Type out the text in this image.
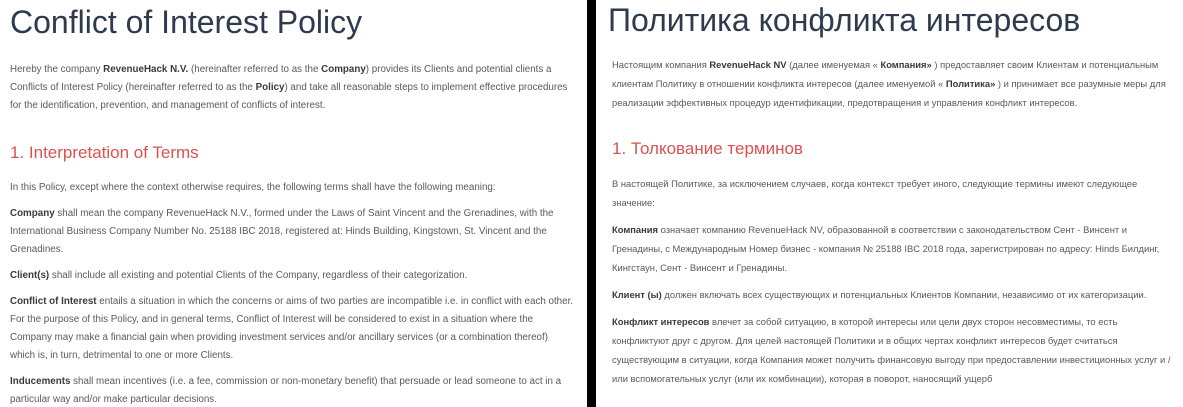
Conflict of Interest Policy

Hereby the company RevenueHack N.V. (hereinafter referred to as the Company) provides its Clients and potential clients a Conflicts of Interest Policy (hereinafter referred to as the Policy) and take all reasonable steps to implement effective procedures for the identification, prevention, and management of conflicts of interest.

1. Interpretation of Terms

In this Policy, except where the context otherwise requires, the following terms shall have the following meaning:

Company shall mean the company RevenueHack N.V., formed under the Laws of Saint Vincent and the Grenadines, with the International Business Company Number No. 25188 IBC 2018, registered at: Hinds Building, Kingstown, St. Vincent and the Grenadines.

Client(s) shall include all existing and potential Clients of the Company, regardless of their categorization.

Conflict of Interest entails a situation in which the concerns or aims of two parties are incompatible i.e. in conflict with each other. For the purpose of this Policy, and in general terms, Conflict of Interest will be considered to exist in a situation where the Company may make a financial gain when providing investment services and/or ancillary services (or a combination thereof) which is, in turn, detrimental to one or more Clients.

Inducements shall mean incentives (i.e. a fee, commission or non-monetary benefit) that persuade or lead someone to act in a particular way and/or make particular decisions.

Политика конфликта интересов

Настоящим компания RevenueHack NV (далее именуемая « Компания» ) предоставляет своим Клиентам и потенциальным клиентам Политику в отношении конфликта интересов (далее именуемой « Политика» ) и принимает все разумные меры для реализации эффективных процедур идентификации, предотвращения и управления конфликт интересов.

1. Толкование терминов

В настоящей Политике, за исключением случаев, когда контекст требует иного, следующие термины имеют следующее значение:

Компания означает компанию RevenueHack NV, образованной в соответствии с законодательством Сент - Винсент и Гренадины, с Международным Номер бизнес - компания № 25188 IBC 2018 года, зарегистрирован по адресу: Hinds Билдинг, Кингстаун, Сент - Винсент и Гренадины.

Клиент (ы) должен включать всех существующих и потенциальных Клиентов Компании, независимо от их категоризации.

Конфликт интересов влечет за собой ситуацию, в которой интересы или цели двух сторон несовместимы, то есть конфликтуют друг с другом. Для целей настоящей Политики и в общих чертах конфликт интересов будет считаться существующим в ситуации, когда Компания может получить финансовую выгоду при предоставлении инвестиционных услуг и / или вспомогательных услуг (или их комбинации), которая в поворот, наносящий ущерб
